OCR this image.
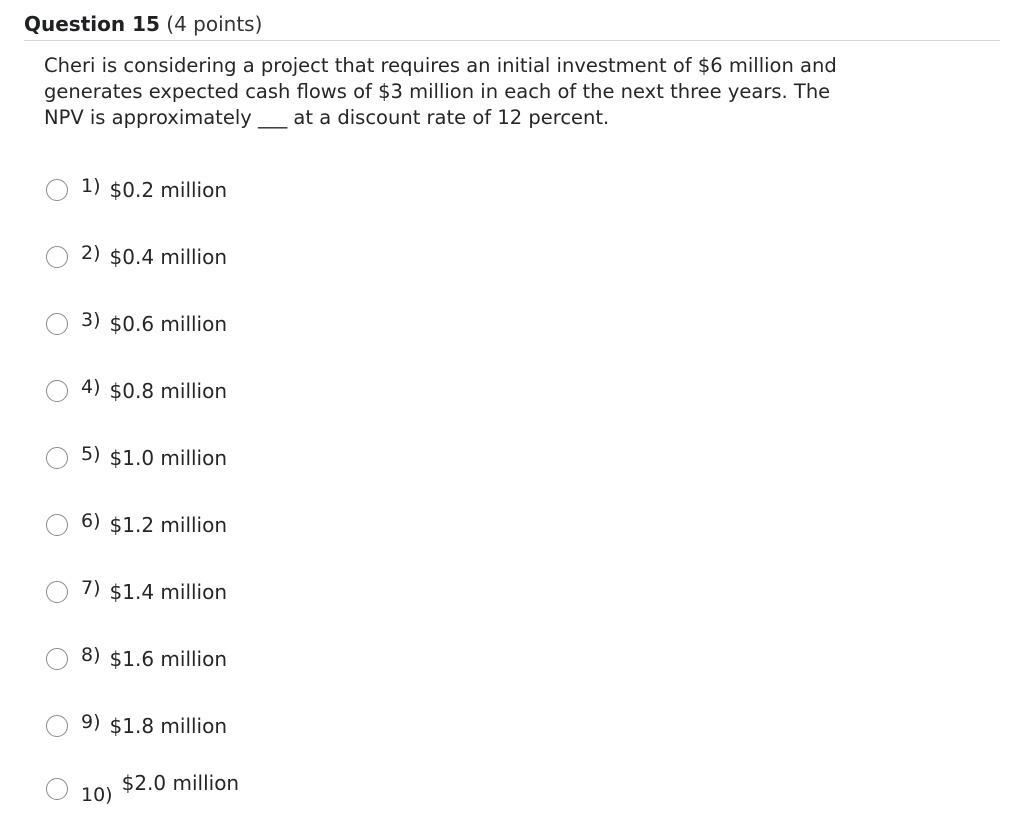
Question 15 (4 points)

Cheri is considering a project that requires an initial investment of $6 million and generates expected cash flows of $3 million in each of the next three years. The NPV is approximately ___ at a discount rate of 12 percent.

1) $0.2 million
2) $0.4 million
3) $0.6 million
4) $0.8 million
5) $1.0 million
6) $1.2 million
7) $1.4 million
8) $1.6 million
9) $1.8 million
10) $2.0 million
